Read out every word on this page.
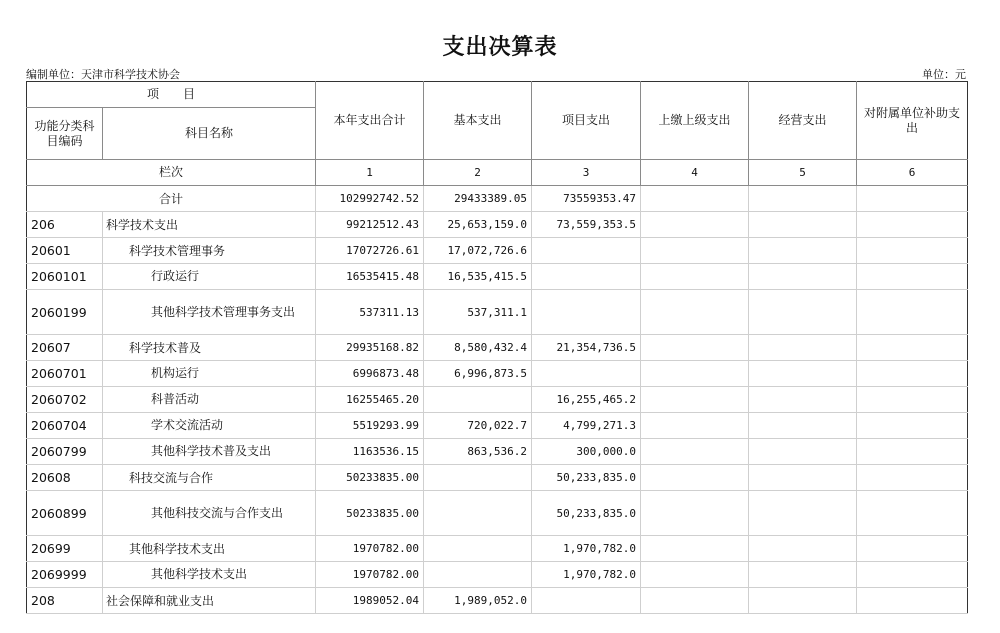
支出决算表
编制单位：天津市科学技术协会	单位：元
项　　目		本年支出合计	基本支出	项目支出	上缴上级支出	经营支出	对附属单位补助支出
功能分类科目编码	科目名称						
栏次		1	2	3	4	5	6
合计		102992742.52	29433389.05	73559353.47			
206	科学技术支出	99212512.43	25,653,159.0	73,559,353.5			
20601	科学技术管理事务	17072726.61	17,072,726.6				
2060101	行政运行	16535415.48	16,535,415.5				
2060199	其他科学技术管理事务支出	537311.13	537,311.1				
20607	科学技术普及	29935168.82	8,580,432.4	21,354,736.5			
2060701	机构运行	6996873.48	6,996,873.5				
2060702	科普活动	16255465.20		16,255,465.2			
2060704	学术交流活动	5519293.99	720,022.7	4,799,271.3			
2060799	其他科学技术普及支出	1163536.15	863,536.2	300,000.0			
20608	科技交流与合作	50233835.00		50,233,835.0			
2060899	其他科技交流与合作支出	50233835.00		50,233,835.0			
20699	其他科学技术支出	1970782.00		1,970,782.0			
2069999	其他科学技术支出	1970782.00		1,970,782.0			
208	社会保障和就业支出	1989052.04	1,989,052.0				
